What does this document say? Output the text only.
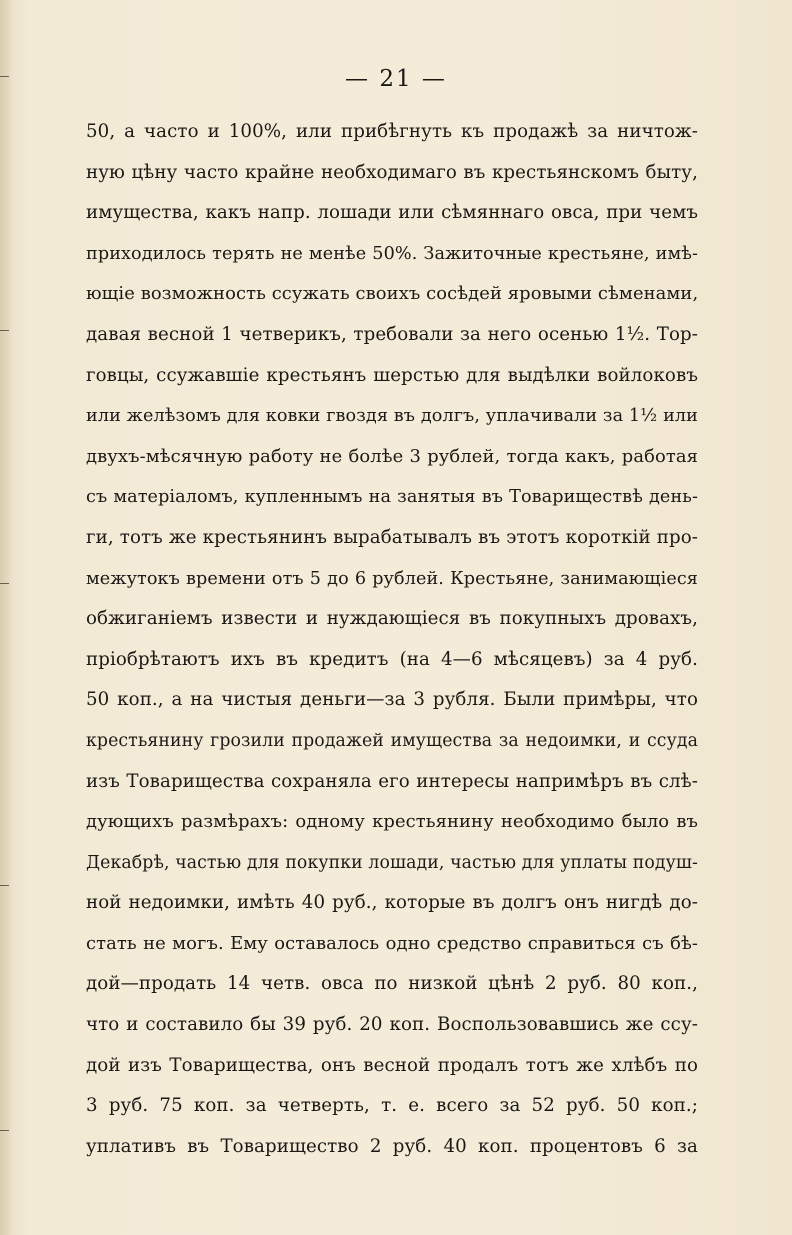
— 21 —
50, а часто и 100%, или прибѣгнуть къ продажѣ за ничтож-
ную цѣну часто крайне необходимаго въ крестьянскомъ быту,
имущества, какъ напр. лошади или сѣмяннаго овса, при чемъ
приходилось терять не менѣе 50%. Зажиточные крестьяне, имѣ-
ющіе возможность ссужать своихъ сосѣдей яровыми сѣменами,
давая весной 1 четверикъ, требовали за него осенью 1½. Тор-
говцы, ссужавшіе крестьянъ шерстью для выдѣлки войлоковъ
или желѣзомъ для ковки гвоздя въ долгъ, уплачивали за 1½ или
двухъ-мѣсячную работу не болѣе 3 рублей, тогда какъ, работая
съ матеріаломъ, купленнымъ на занятыя въ Товариществѣ день-
ги, тотъ же крестьянинъ вырабатывалъ въ этотъ короткій про-
межутокъ времени отъ 5 до 6 рублей. Крестьяне, занимающіеся
обжиганіемъ извести и нуждающіеся въ покупныхъ дровахъ,
пріобрѣтаютъ ихъ въ кредитъ (на 4—6 мѣсяцевъ) за 4 руб.
50 коп., а на чистыя деньги—за 3 рубля. Были примѣры, что
крестьянину грозили продажей имущества за недоимки, и ссуда
изъ Товарищества сохраняла его интересы напримѣръ въ слѣ-
дующихъ размѣрахъ: одному крестьянину необходимо было въ
Декабрѣ, частью для покупки лошади, частью для уплаты подуш-
ной недоимки, имѣть 40 руб., которые въ долгъ онъ нигдѣ до-
стать не могъ. Ему оставалось одно средство справиться съ бѣ-
дой—продать 14 четв. овса по низкой цѣнѣ 2 руб. 80 коп.,
что и составило бы 39 руб. 20 коп. Воспользовавшись же ссу-
дой изъ Товарищества, онъ весной продалъ тотъ же хлѣбъ по
3 руб. 75 коп. за четверть, т. е. всего за 52 руб. 50 коп.;
уплативъ въ Товарищество 2 руб. 40 коп. процентовъ 6 за
